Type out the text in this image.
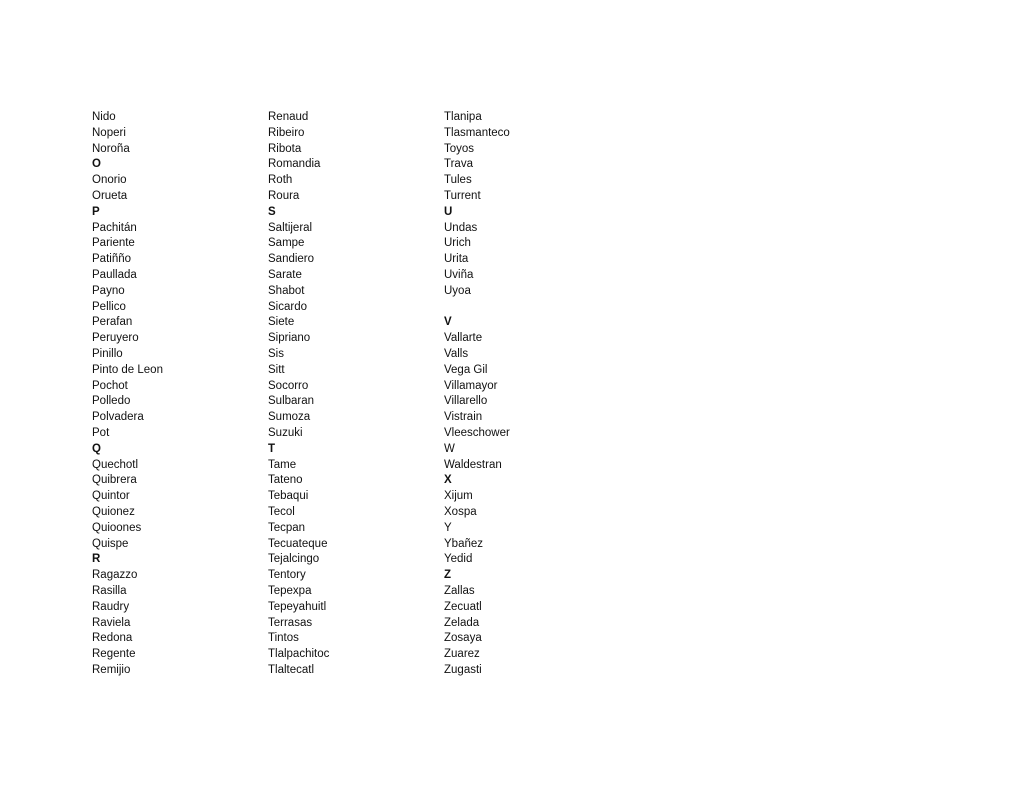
Nido
Noperi
Noroña
O
Onorio
Orueta
P
Pachitán
Pariente
Patiñño
Paullada
Payno
Pellico
Perafan
Peruyero
Pinillo
Pinto de Leon
Pochot
Polledo
Polvadera
Pot
Q
Quechotl
Quibrera
Quintor
Quionez
Quioones
Quispe
R
Ragazzo
Rasilla
Raudry
Raviela
Redona
Regente
Remijio
Renaud
Ribeiro
Ribota
Romandia
Roth
Roura
S
Saltijeral
Sampe
Sandiero
Sarate
Shabot
Sicardo
Siete
Sipriano
Sis
Sitt
Socorro
Sulbaran
Sumoza
Suzuki
T
Tame
Tateno
Tebaqui
Tecol
Tecpan
Tecuateque
Tejalcingo
Tentory
Tepexpa
Tepeyahuitl
Terrasas
Tintos
Tlalpachitoc
Tlaltecatl
Tlanipa
Tlasmanteco
Toyos
Trava
Tules
Turrent
U
Undas
Urich
Urita
Uviña
Uyoa
V
Vallarte
Valls
Vega Gil
Villamayor
Villarello
Vistrain
Vleeschower
W
Waldestran
X
Xijum
Xospa
Y
Ybañez
Yedid
Z
Zallas
Zecuatl
Zelada
Zosaya
Zuarez
Zugasti
